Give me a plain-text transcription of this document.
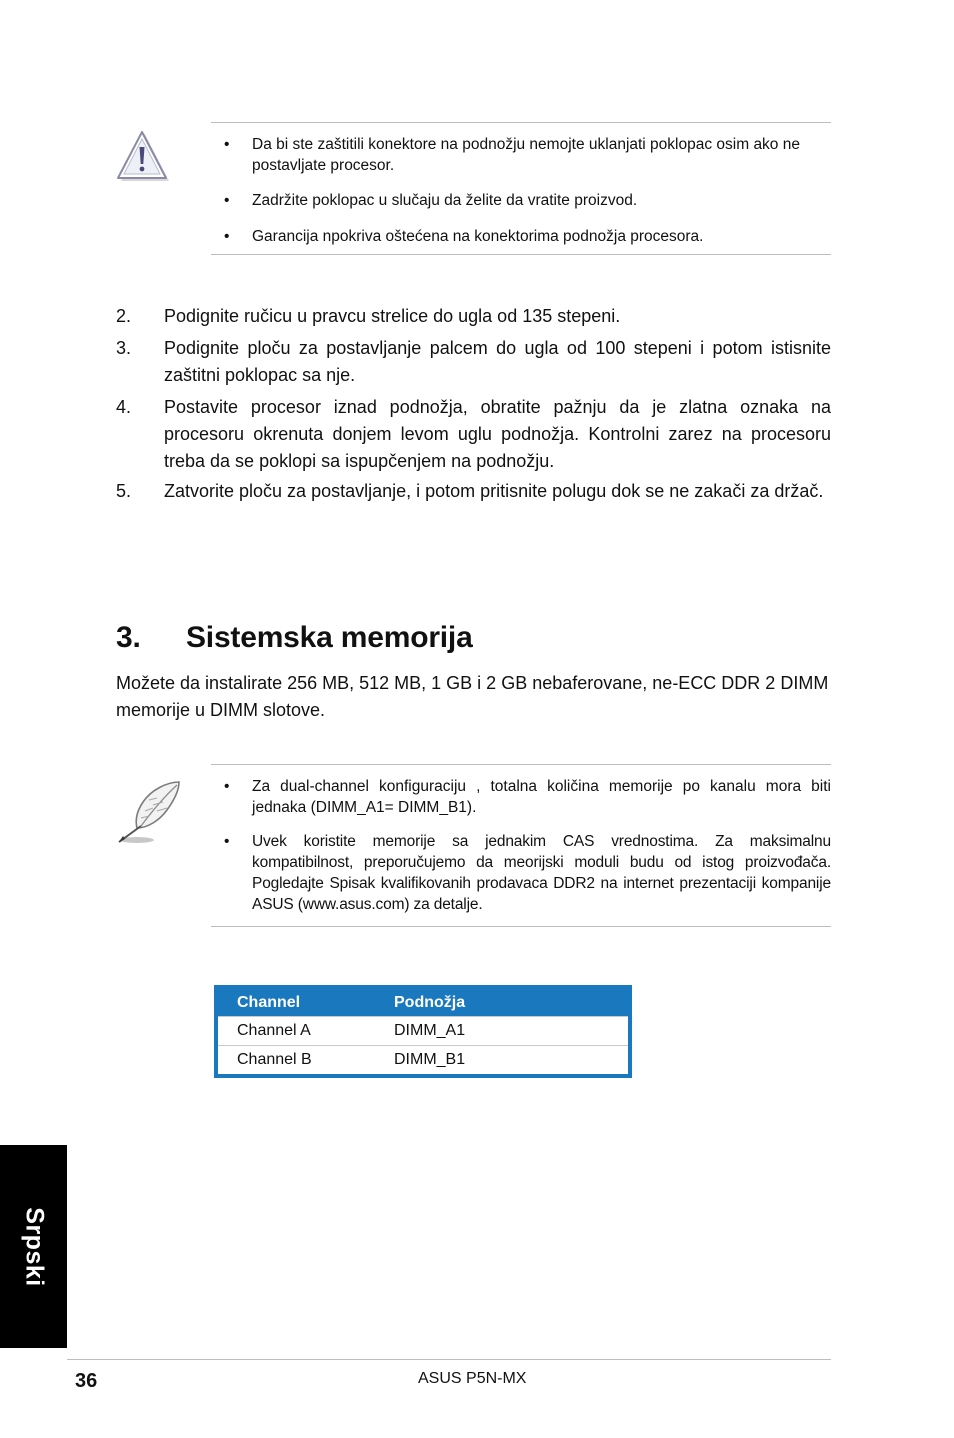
• Da bi ste zaštitili konektore na podnožju nemojte uklanjati poklopac osim ako ne postavljate procesor.
• Zadržite poklopac u slučaju da želite da vratite proizvod.
• Garancija npokriva oštećena na konektorima podnožja procesora.
2. Podignite ručicu u pravcu strelice do ugla od 135 stepeni.
3. Podignite ploču za postavljanje palcem do ugla od 100 stepeni i potom istisnite zaštitni poklopac sa nje.
4. Postavite procesor iznad podnožja, obratite pažnju da je zlatna oznaka na procesoru okrenuta donjem levom uglu podnožja. Kontrolni zarez na procesoru treba da se poklopi sa ispupčenjem na podnožju.
5. Zatvorite ploču za postavljanje, i potom pritisnite polugu dok se ne zakači za držač.
3. Sistemska memorija
Možete da instalirate 256 MB, 512 MB, 1 GB i 2 GB nebaferovane, ne-ECC DDR 2 DIMM memorije u DIMM slotove.
• Za dual-channel konfiguraciju , totalna količina memorije po kanalu mora biti jednaka (DIMM_A1= DIMM_B1).
• Uvek koristite memorije sa jednakim CAS vrednostima. Za maksimalnu kompatibilnost, preporučujemo da meorijski moduli budu od istog proizvođača. Pogledajte Spisak kvalifikovanih prodavaca DDR2 na internet prezentaciji kompanije ASUS (www.asus.com) za detalje.
Channel	Podnožja
Channel A	DIMM_A1
Channel B	DIMM_B1
Srpski
36	ASUS P5N-MX
